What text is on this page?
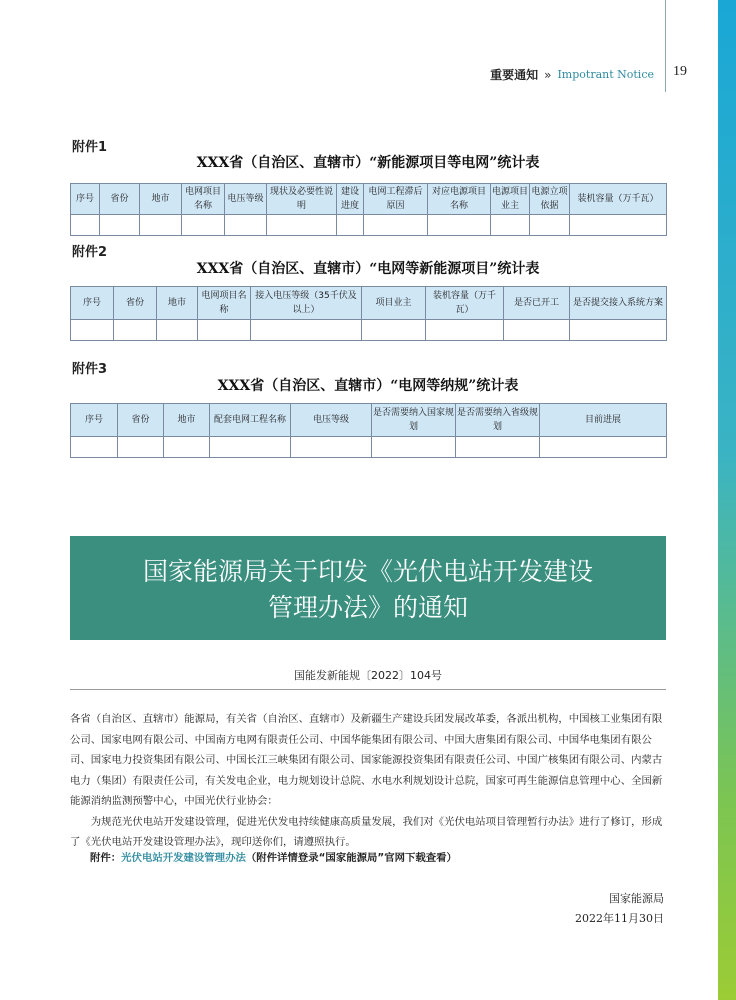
重要通知 » Impotrant Notice 19
附件1
XXX省（自治区、直辖市）“新能源项目等电网”统计表
序号	省份	地市	电网项目名称	电压等级	现状及必要性说明	建设进度	电网工程滞后原因	对应电源项目名称	电源项目业主	电源立项依据	装机容量（万千瓦）

附件2
XXX省（自治区、直辖市）“电网等新能源项目”统计表
序号	省份	地市	电网项目名称	接入电压等级（35千伏及以上）	项目业主	装机容量（万千瓦）	是否已开工	是否提交接入系统方案

附件3
XXX省（自治区、直辖市）“电网等纳规”统计表
序号	省份	地市	配套电网工程名称	电压等级	是否需要纳入国家规划	是否需要纳入省级规划	目前进展

国家能源局关于印发《光伏电站开发建设
管理办法》的通知
国能发新能规〔2022〕104号

各省（自治区、直辖市）能源局，有关省（自治区、直辖市）及新疆生产建设兵团发展改革委，各派出机构，中国核工业集团有限公司、国家电网有限公司、中国南方电网有限责任公司、中国华能集团有限公司、中国大唐集团有限公司、中国华电集团有限公司、国家电力投资集团有限公司、中国长江三峡集团有限公司、国家能源投资集团有限责任公司、中国广核集团有限公司、内蒙古电力（集团）有限责任公司，有关发电企业，电力规划设计总院、水电水利规划设计总院，国家可再生能源信息管理中心、全国新能源消纳监测预警中心，中国光伏行业协会：

为规范光伏电站开发建设管理，促进光伏发电持续健康高质量发展，我们对《光伏电站项目管理暂行办法》进行了修订，形成了《光伏电站开发建设管理办法》，现印送你们，请遵照执行。

附件：光伏电站开发建设管理办法（附件详情登录“国家能源局”官网下载查看）
国家能源局
2022年11月30日
